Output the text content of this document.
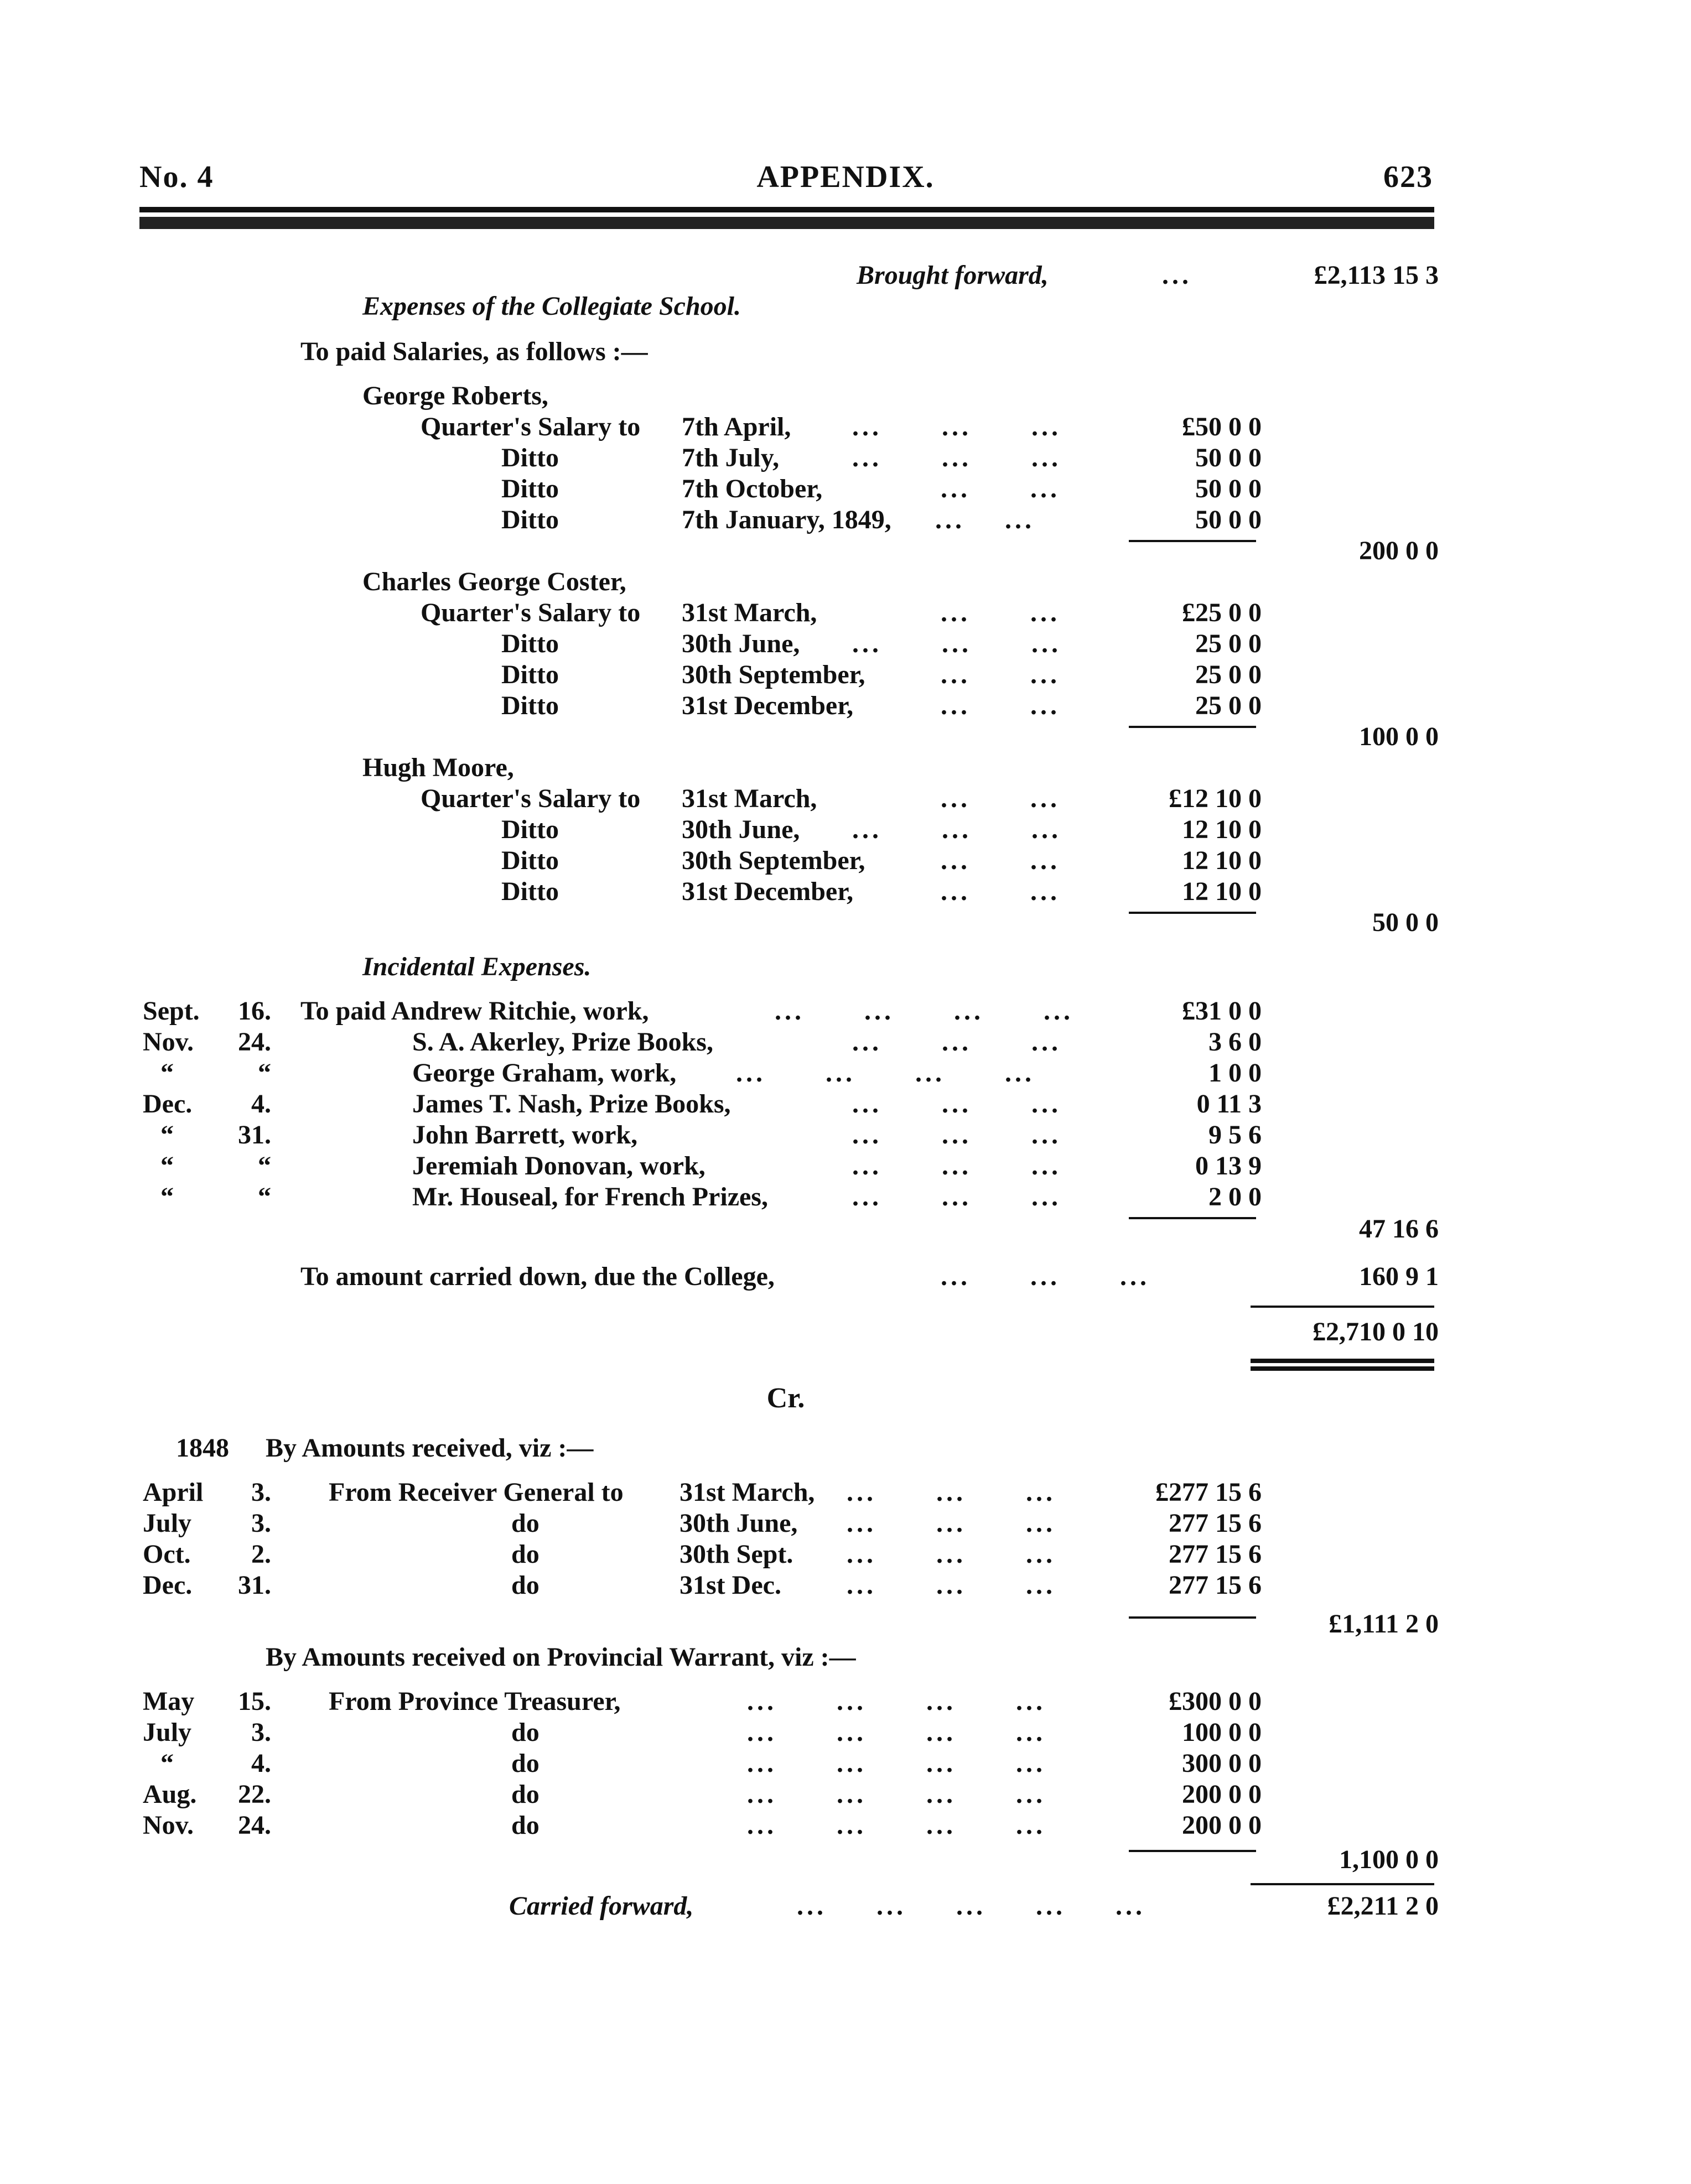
No. 4	APPENDIX.	623
Brought forward,	...	£2,113 15 3
Expenses of the Collegiate School.
To paid Salaries, as follows :—
George Roberts,
Quarter's Salary to 7th April, ...      ...      ...	£50 0 0
Ditto	7th July,	...      ...      ...	50 0 0
Ditto	7th October,	...      ...	50 0 0
Ditto	7th January, 1849, ...    ...	50 0 0
200 0 0
Charles George Coster,
Quarter's Salary to 31st March,	...      ...	£25 0 0
Ditto	30th June, ...      ...      ...	25 0 0
Ditto	30th September,	...      ...	25 0 0
Ditto	31st December,	...      ...	25 0 0
100 0 0
Hugh Moore,
Quarter's Salary to 31st March,	...      ...	£12 10 0
Ditto	30th June, ...      ...      ...	12 10 0
Ditto	30th September,	...      ...	12 10 0
Ditto	31st December,	...      ...	12 10 0
50 0 0
Incidental Expenses.
Sept.	16. To paid Andrew Ritchie, work,	...      ...      ...      ...	£31 0 0
Nov.	24.	S. A. Akerley, Prize Books,	...      ...      ...	3 6 0
“	“	George Graham, work, ...      ...      ...      ...	1 0 0
Dec.	4.	James T. Nash, Prize Books,	...      ...      ...	0 11 3
“	31.	John Barrett, work,	...      ...      ...	9 5 6
“	“	Jeremiah Donovan, work,	...      ...      ...	0 13 9
“	“	Mr. Houseal, for French Prizes,	...      ...      ...	2 0 0
47 16 6
To amount carried down, due the College,	...      ...      ...	160 9 1
£2,710 0 10
Cr.
1848 By Amounts received, viz :—
April	3. From Receiver General to 31st March, ...      ...      ...	£277 15 6
July	3.	do	30th June, ...      ...      ...	277 15 6
Oct.	2.	do	30th Sept. ...      ...      ...	277 15 6
Dec.	31.	do	31st Dec. ...      ...      ...	277 15 6
£1,111 2 0
By Amounts received on Provincial Warrant, viz :—
May	15. From Province Treasurer,	...      ...      ...      ...	£300 0 0
July	3.	do	...      ...      ...      ...	100 0 0
“	4.	do	...      ...      ...      ...	300 0 0
Aug.	22.	do	...      ...      ...      ...	200 0 0
Nov.	24.	do	...      ...      ...      ...	200 0 0
1,100 0 0
Carried forward,	...     ...     ...     ...     ...	£2,211 2 0
